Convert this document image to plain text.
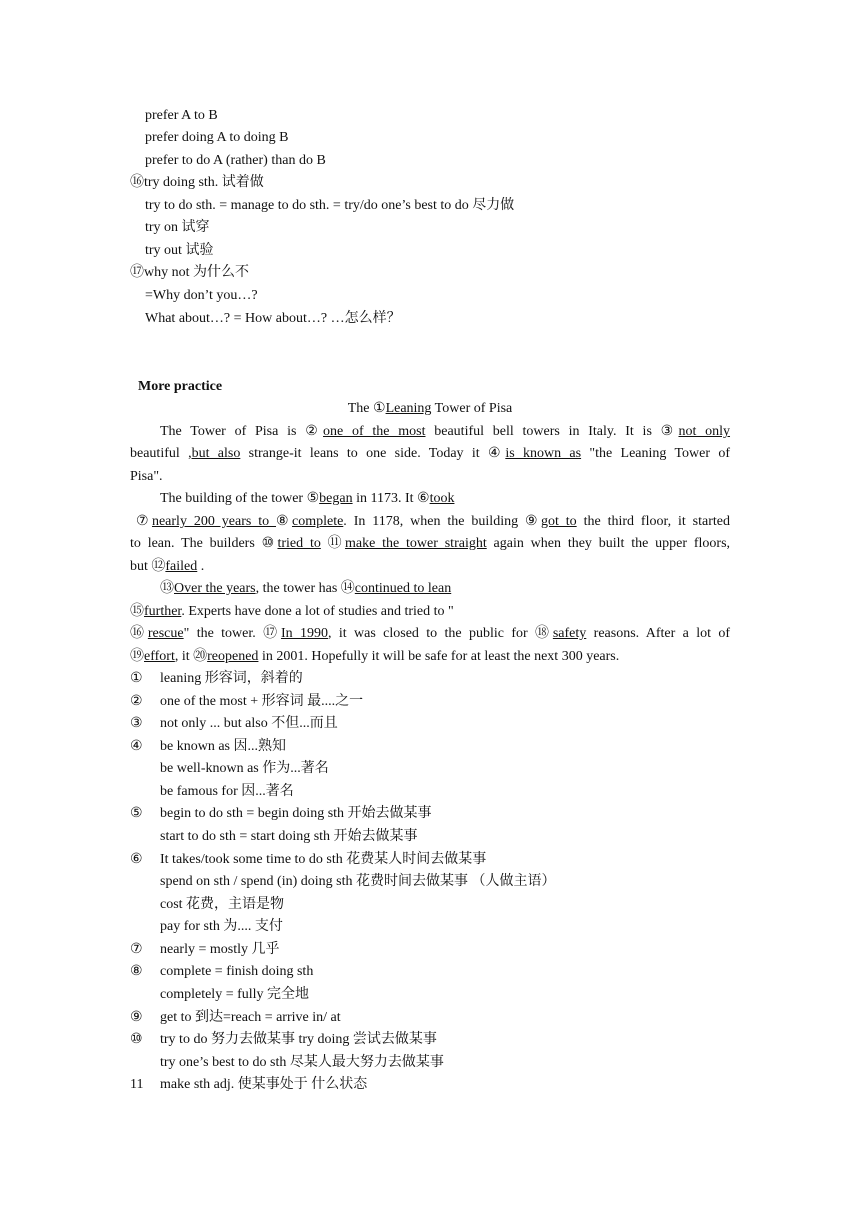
prefer A to B
prefer doing A to doing B
prefer to do A (rather) than do B
⑯try doing sth. 试着做
try to do sth. = manage to do sth. = try/do one’s best to do 尽力做
try on 试穿
try out 试验
⑰why not 为什么不
=Why don’t you…?
What about…? = How about…? …怎么样？
More practice
The ①Leaning Tower of Pisa
The Tower of Pisa is ②one of the most beautiful bell towers in Italy. It is ③not only
beautiful ,but also strange-it leans to one side. Today it ④is known as "the Leaning Tower of
Pisa".
The building of the tower ⑤began in 1173. It ⑥took
⑦nearly 200 years to ⑧complete. In 1178, when the building ⑨got to the third floor, it started
to lean. The builders ⑩tried to ⑪make the tower straight again when they built the upper floors,
but ⑫failed .
⑬Over the years, the tower has ⑭continued to lean
⑮further. Experts have done a lot of studies and tried to "
⑯rescue" the tower. ⑰In 1990, it was closed to the public for ⑱safety reasons. After a lot of
⑲effort, it ⑳reopened in 2001. Hopefully it will be safe for at least the next 300 years.
①	leaning 形容词，斜着的
②	one of the most + 形容词 最....之一
③	not only ... but also 不但...而且
④	be known as 因...熟知
be well-known as 作为...著名
be famous for 因...著名
⑤	begin to do sth = begin doing sth 开始去做某事
start to do sth = start doing sth 开始去做某事
⑥	It takes/took some time to do sth 花费某人时间去做某事
spend on sth / spend (in) doing sth 花费时间去做某事 （人做主语）
cost 花费，主语是物
pay for sth 为.... 支付
⑦	nearly = mostly 几乎
⑧	complete = finish doing sth
completely = fully 完全地
⑨	get to 到达=reach = arrive in/ at
⑩	try to do 努力去做某事 try doing 尝试去做某事
try one’s best to do sth 尽某人最大努力去做某事
11	make sth adj. 使某事处于 什么状态
